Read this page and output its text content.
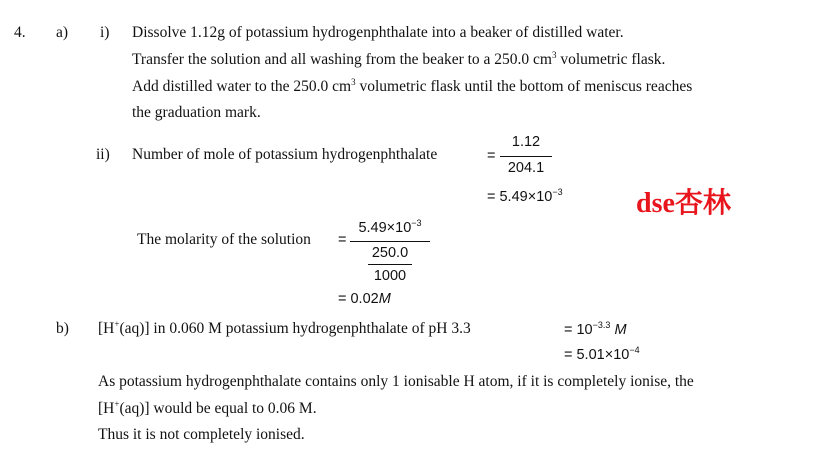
4. a) i) Dissolve 1.12g of potassium hydrogenphthalate into a beaker of distilled water.
Transfer the solution and all washing from the beaker to a 250.0 $cm^3$ volumetric flask.
Add distilled water to the 250.0 $cm^3$ volumetric flask until the bottom of meniscus reaches
the graduation mark.
ii) Number of mole of potassium hydrogenphthalate	=
1.12
204.1
= $5.49\times 10^{-3}$	dse杏林
The molarity of the solution =
$5.49\times 10^{-3}$
250.0
1000
= 0.02M
b) [H+(aq)] in 0.060 M potassium hydrogenphthalate of pH 3.3	= $10^{-3.3}$ M
= $5.01\times 10^{-4}$
As potassium hydrogenphthalate contains only 1 ionisable H atom, if it is completely ionise, the
[H+(aq)] would be equal to 0.06 M.
Thus it is not completely ionised.
